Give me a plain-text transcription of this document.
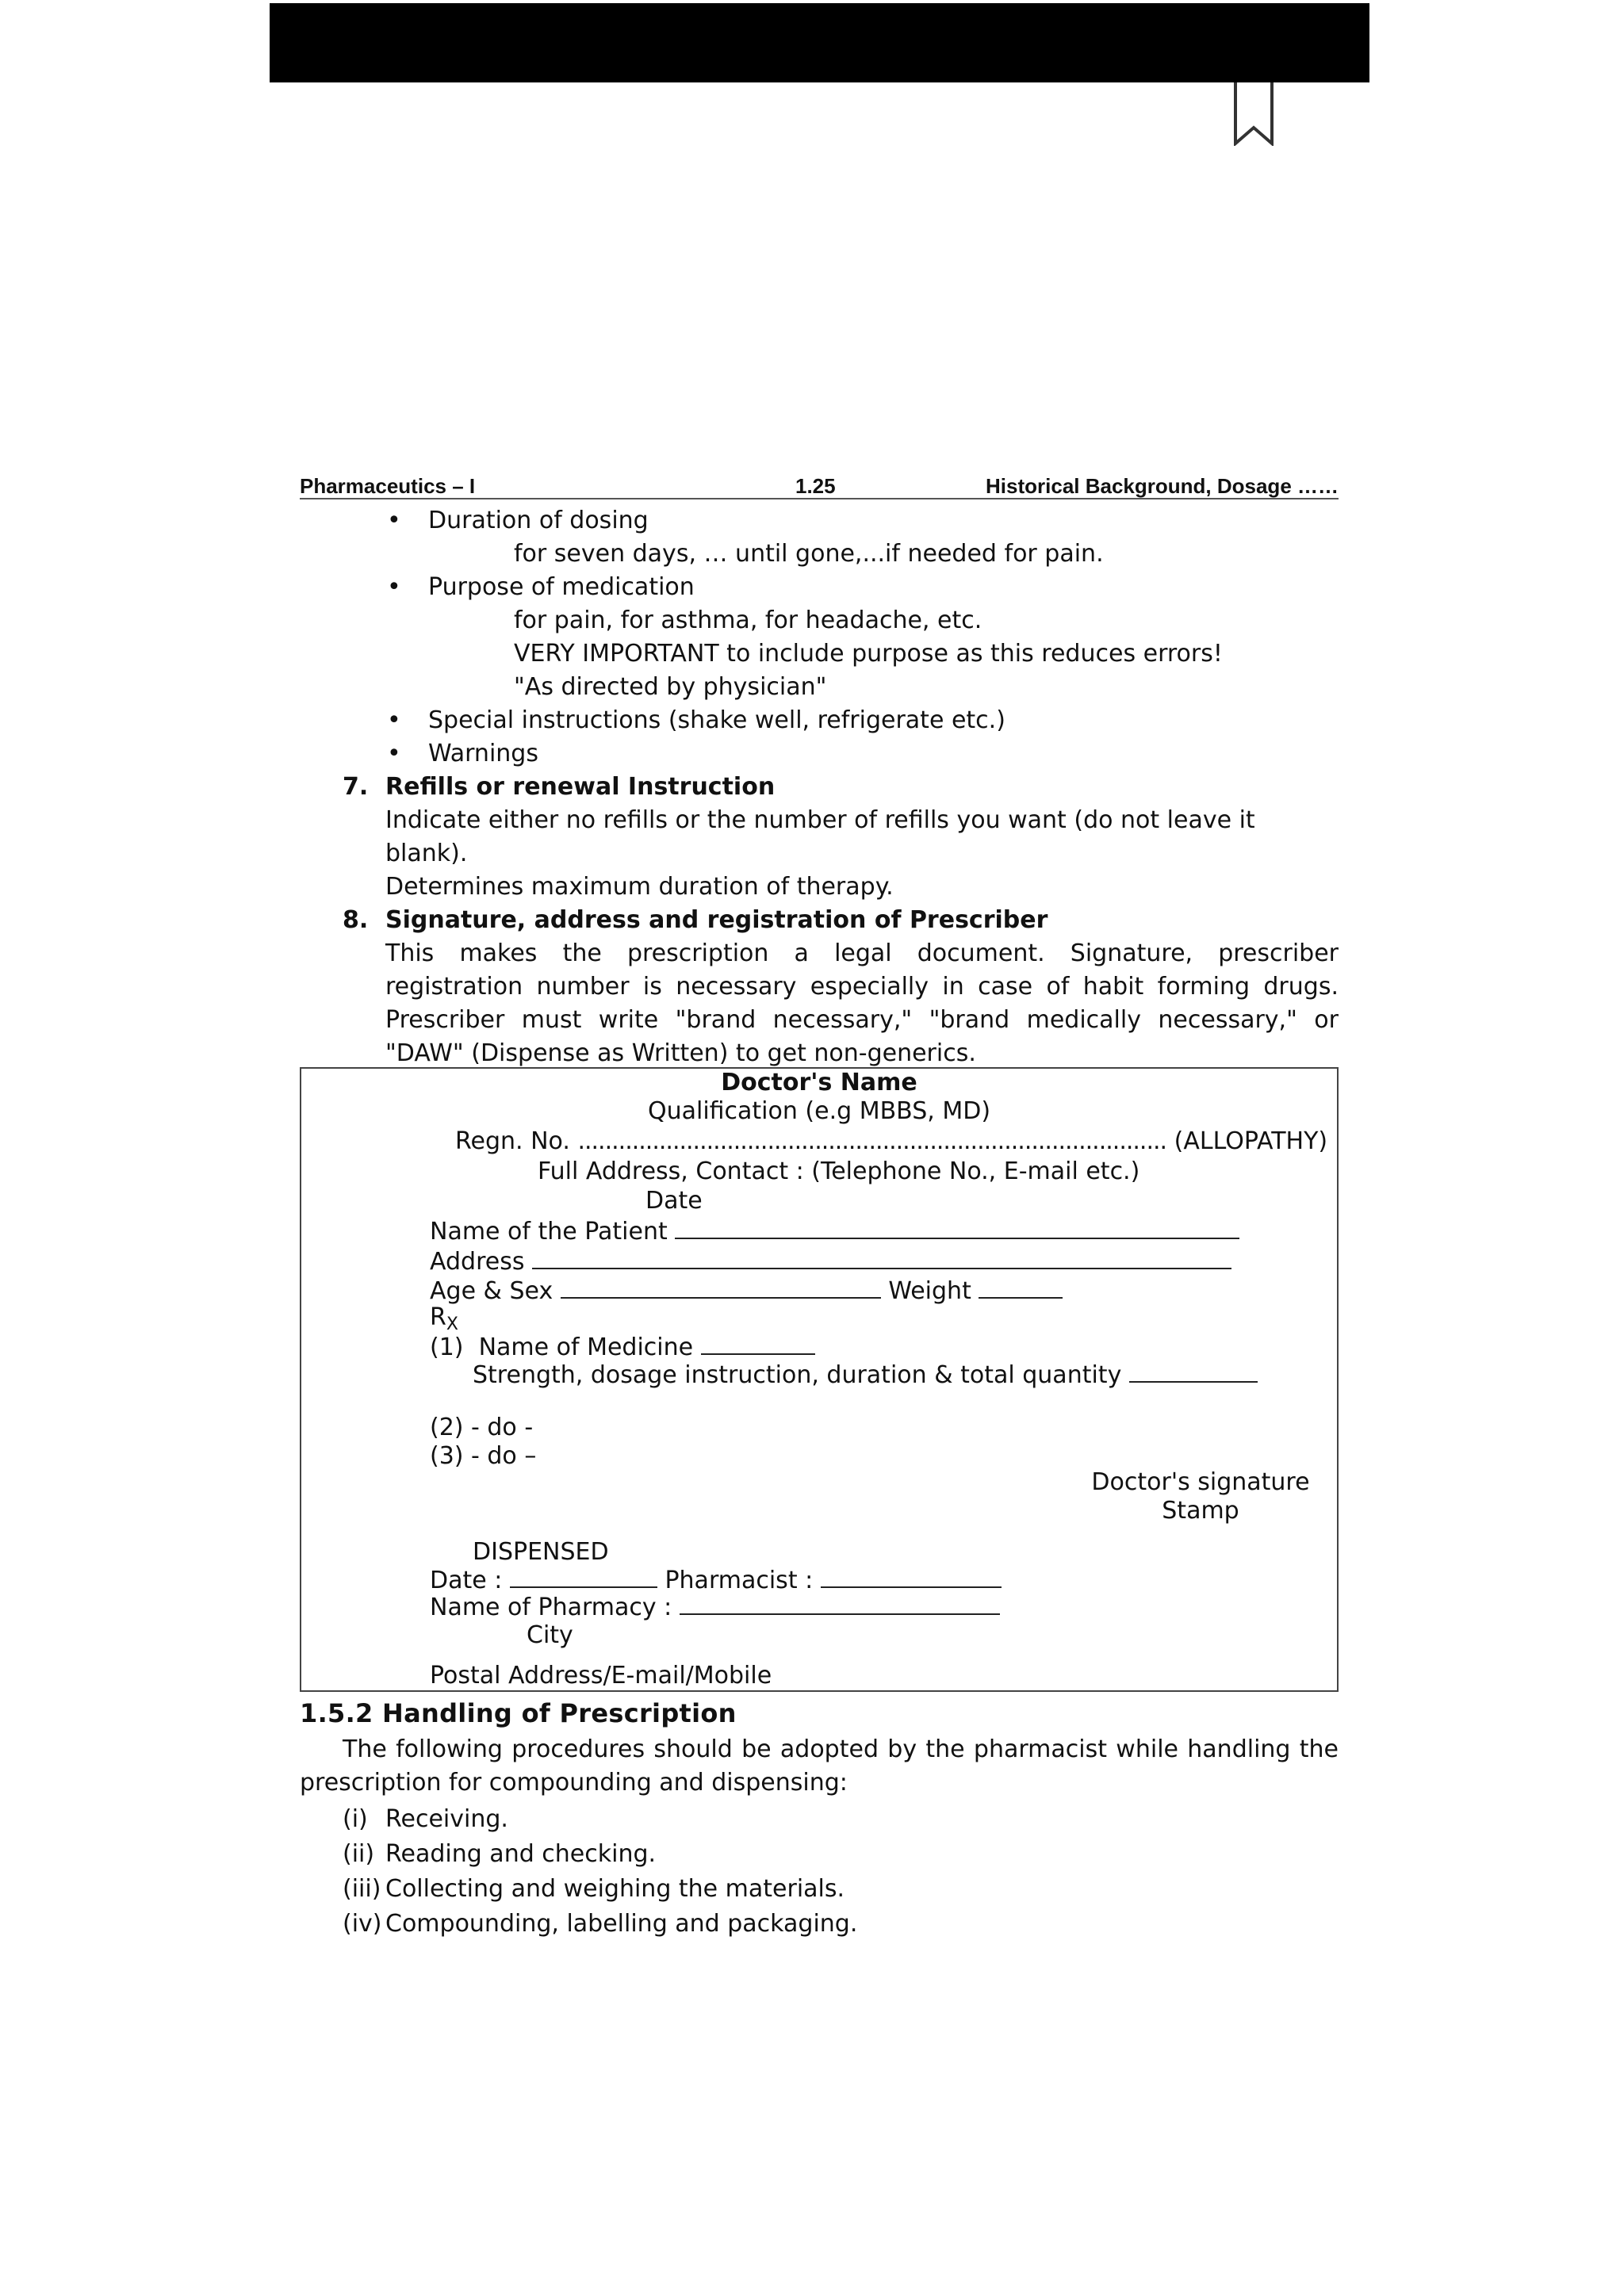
Pharmaceutics – I	1.25	Historical Background, Dosage ……
• Duration of dosing
for seven days, … until gone,...if needed for pain.
• Purpose of medication
for pain, for asthma, for headache, etc.
VERY IMPORTANT to include purpose as this reduces errors!
"As directed by physician"
• Special instructions (shake well, refrigerate etc.)
• Warnings
7. Refills or renewal Instruction
Indicate either no refills or the number of refills you want (do not leave it blank).
Determines maximum duration of therapy.
8. Signature, address and registration of Prescriber
This makes the prescription a legal document. Signature, prescriber registration number is necessary especially in case of habit forming drugs. Prescriber must write "brand necessary," "brand medically necessary," or "DAW" (Dispense as Written) to get non-generics.
Doctor's Name
Qualification (e.g MBBS, MD)
Regn. No. ....................................................................................... (ALLOPATHY)
Full Address, Contact : (Telephone No., E-mail etc.)
Date
Name of the Patient
Address
Age & Sex	Weight
$R_X$
(1) Name of Medicine
Strength, dosage instruction, duration & total quantity
(2) - do -
(3) - do –
Doctor's signature
Stamp
DISPENSED
Date :	Pharmacist :
Name of Pharmacy :
City
Postal Address/E-mail/Mobile
1.5.2 Handling of Prescription
The following procedures should be adopted by the pharmacist while handling the prescription for compounding and dispensing:
(i) Receiving.
(ii) Reading and checking.
(iii) Collecting and weighing the materials.
(iv) Compounding, labelling and packaging.
